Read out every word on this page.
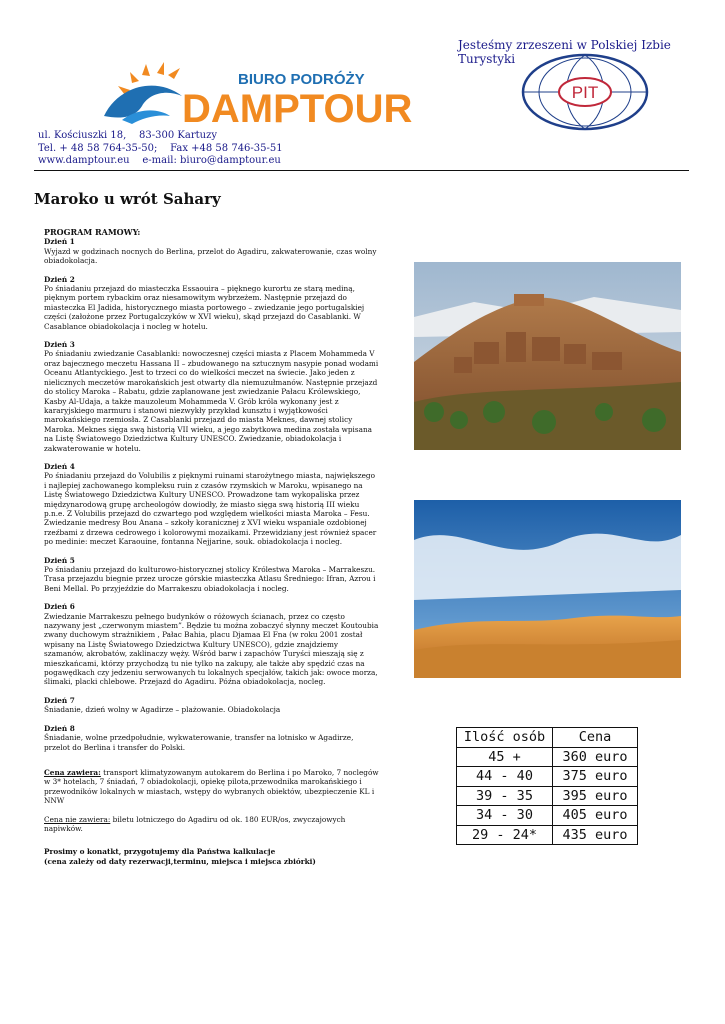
Jesteśmy zrzeszeni w Polskiej Izbie Turystyki
BIURO PODRÓŻY
DAMPTOUR	PIT
ul. Kościuszki 18,    83-300 Kartuzy
Tel. + 48 58 764-35-50;    Fax +48 58 746-35-51
www.damptour.eu    e-mail: biuro@damptour.eu
Maroko u wrót Sahary
PROGRAM RAMOWY:
Dzień 1
Wyjazd w godzinach nocnych do Berlina, przelot do Agadiru, zakwaterowanie, czas wolny obiadokolacja.
Dzień 2
Po śniadaniu przejazd do miasteczka Essaouira – pięknego kurortu ze starą mediną, pięknym portem rybackim oraz niesamowitym wybrzeżem. Następnie przejazd do miasteczka El Jadida, historycznego miasta portowego – zwiedzanie jego portugalskiej części (założone przez Portugalczyków w XVI wieku), skąd przejazd do Casablanki. W Casablance obiadokolacja i nocleg w hotelu.
Dzień 3
Po śniadaniu zwiedzanie Casablanki: nowoczesnej części miasta z Placem Mohammeda V oraz bajecznego meczetu Hassana II – zbudowanego na sztucznym nasypie ponad wodami Oceanu Atlantyckiego. Jest to trzeci co do wielkości meczet na świecie. Jako jeden z nielicznych meczetów marokańskich jest otwarty dla niemuzułmanów. Następnie przejazd do stolicy Maroka – Rabatu, gdzie zaplanowane jest zwiedzanie Pałacu Królewskiego, Kasby Al-Udaja, a także mauzoleum Mohammeda V. Grób króla wykonany jest z kararyjskiego marmuru i stanowi niezwykły przykład kunsztu i wyjątkowości marokańskiego rzemiosła. Z Casablanki przejazd do miasta Meknes, dawnej stolicy Maroka. Meknes sięga swą historią VII wieku, a jego zabytkowa medina została wpisana na Listę Światowego Dziedzictwa Kultury UNESCO. Zwiedzanie, obiadokolacja i zakwaterowanie w hotelu.
Dzień 4
Po śniadaniu przejazd do Volubilis z pięknymi ruinami starożytnego miasta, największego i najlepiej zachowanego kompleksu ruin z czasów rzymskich w Maroku, wpisanego na Listę Światowego Dziedzictwa Kultury UNESCO. Prowadzone tam wykopaliska przez międzynarodową grupę archeologów dowiodły, że miasto sięga swą historią III wieku p.n.e. Z Volubilis przejazd do czwartego pod względem wielkości miasta Maroka – Fesu. Zwiedzanie medresy Bou Anana – szkoły koranicznej z XVI wieku wspaniale ozdobionej rzeźbami z drzewa cedrowego i kolorowymi mozaikami. Przewidziany jest również spacer po medinie: meczet Karaouine, fontanna Nejjarine, souk. obiadokolacja i nocleg.
Dzień 5
Po śniadaniu przejazd do kulturowo-historycznej stolicy Królestwa Maroka – Marrakeszu. Trasa przejazdu biegnie przez urocze górskie miasteczka Atlasu Średniego: Ifran, Azrou i Beni Mellal. Po przyjeździe do Marrakeszu obiadokolacja i nocleg.
Dzień 6
Zwiedzanie Marrakeszu pełnego budynków o różowych ścianach, przez co często nazywany jest „czerwonym miastem”. Będzie tu można zobaczyć słynny meczet Koutoubia zwany duchowym strażnikiem , Pałac Bahia, placu Djamaa El Fna (w roku 2001 został wpisany na Listę Światowego Dziedzictwa Kultury UNESCO), gdzie znajdziemy szamanów, akrobatów, zaklinaczy węży. Wśród barw i zapachów Turyści mieszają się z mieszkańcami, którzy przychodzą tu nie tylko na zakupy, ale także aby spędzić czas na pogawędkach czy jedzeniu serwowanych tu lokalnych specjałów, takich jak: owoce morza, ślimaki, placki chlebowe. Przejazd do Agadiru. Późna obiadokolacja, nocleg.
Dzień 7
Śniadanie, dzień wolny w Agadirze – plażowanie. Obiadokolacja
Dzień 8
Śniadanie, wolne przedpołudnie, wykwaterowanie, transfer na lotnisko w Agadirze, przelot do Berlina i transfer do Polski.
Cena zawiera: transport klimatyzowanym autokarem do Berlina i po Maroko, 7 noclegów w 3* hotelach, 7 śniadań, 7 obiadokolacji, opiekę pilota,przewodnika marokańskiego i przewodników lokalnych w miastach, wstępy do wybranych obiektów, ubezpieczenie KL i NNW
Cena nie zawiera: biletu lotniczego do Agadiru od ok. 180 EUR/os, zwyczajowych napiwków.
Prosimy o konatkt, przygotujemy dla Państwa kalkulacje
(cena zależy od daty rezerwacji,terminu, miejsca i miejsca zbiórki)
Ilość osób	Cena
45 +	360 euro
44 - 40	375 euro
39 - 35	395 euro
34 - 30	405 euro
29 - 24*	435 euro
